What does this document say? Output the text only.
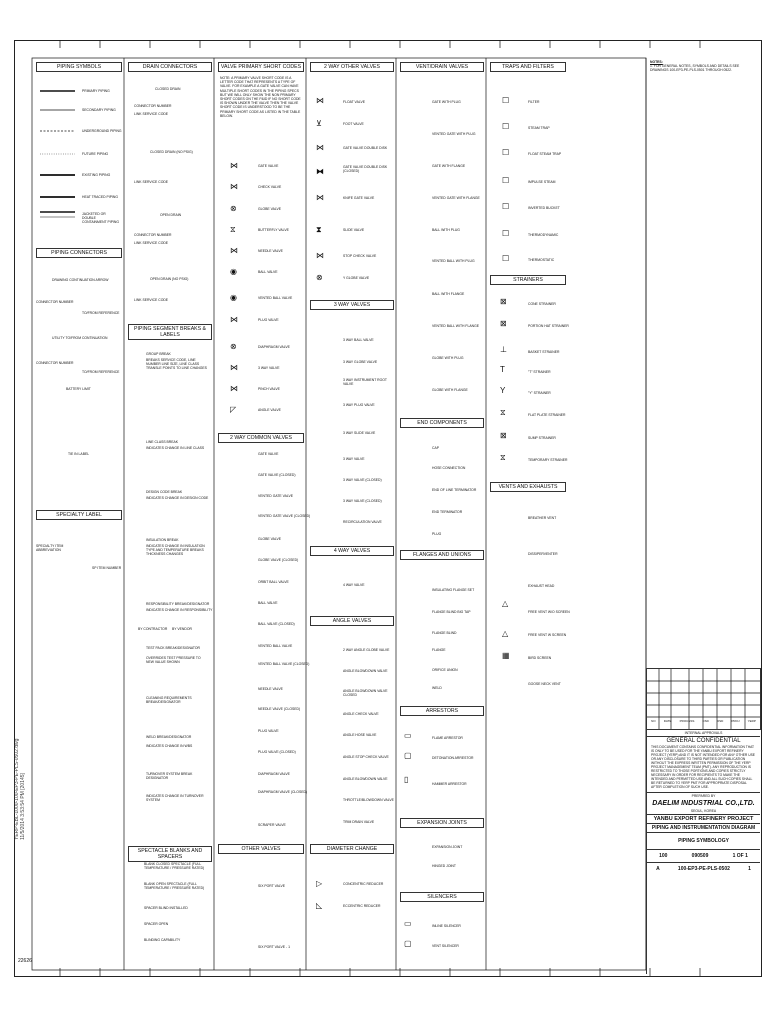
PIPING SYMBOLS
PRIMARY PIPING
SECONDARY PIPING
UNDERGROUND PIPING
FUTURE PIPING
EXISTING PIPING
HEAT TRACED PIPING
JACKETED OR DOUBLE CONTAINMENT PIPING
PIPING CONNECTORS
DRAWING CONTINUATION ARROW
CONNECTOR NUMBER
TO/FROM REFERENCE
UTILITY TO/FROM CONTINUATION
CONNECTOR NUMBER
TO/FROM REFERENCE
BATTERY LIMIT
TIE IN LABEL
SPECIALTY LABEL
SPECIALTY ITEM ABBREVIATION
SP ITEM NUMBER
DRAIN CONNECTORS
CLOSED DRAIN
CONNECTOR NUMBER
LINK SERVICE CODE
CLOSED DRAIN (NO PSIG)
LINK SERVICE CODE
OPEN DRAIN
CONNECTOR NUMBER
LINK SERVICE CODE
OPEN DRAIN (NO PSIG)
LINK SERVICE CODE
PIPING SEGMENT BREAKS & LABELS
GROUP BREAK
BREAKS SERVICE CODE, LINE NUMBER LINE SIZE, LINE CLASS TRANSLE POINTS TO LINE CHANGES
LINE CLASS BREAK
INDICATES CHANGE IN LINE CLASS
DESIGN CODE BREAK
INDICATES CHANGE IN DESIGN CODE
INSULATION BREAK
INDICATES CHANGE IN INSULATION TYPE AND TEMPERATURE BREAKS THICKNESS CHANGES
RESPONSIBILITY BREAK/DESIGNATOR
INDICATES CHANGE IN RESPONSIBILITY
BY CONTRACTOR BY VENDOR
TEST PACK BREAK/DESIGNATOR
OVERRIDES TEST PRESSURE TO NEW VALUE SHOWN
CLEANING REQUIREMENTS BREAK/DESIGNATOR
WELD BREAK/DESIGNATOR
INDICATES CHANGE IN WBS
TURNOVER SYSTEM BREAK DESIGNATOR
INDICATES CHANGE IN TURNOVER SYSTEM
SPECTACLE BLANKS AND SPACERS
BLANK CLOSED SPECTACLE (FULL TEMPERATURE / PRESSURE RATED)
BLANK OPEN SPECTACLE (FULL TEMPERATURE / PRESSURE RATED)
SPACER BLIND INSTALLED
SPACER OPEN
BLINDING CAPABILITY
VALVE PRIMARY SHORT CODES
NOTE: A PRIMARY VALVE SHORT CODE IS A LETTER CODE THAT REPRESENTS A TYPE OF VALVE. FOR EXAMPLE A GATE VALVE CAN HAVE MULTIPLE SHORT CODES IN THE PIPING SPECS BUT WE WILL ONLY SHOW THE NON PRIMARY SHORT CODES ON THE P&ID IF NO SHORT CODE IS SHOWN UNDER THE VALVE THEN THE VALVE SHORT CODE IS UNDERSTOOD TO BE THE PRIMARY SHORT CODE AS LISTED IN THE TABLE BELOW.
GATE VALVE
CHECK VALVE
GLOBE VALVE
BUTTERFLY VALVE
NEEDLE VALVE
BALL VALVE
VENTED BALL VALVE
PLUG VALVE
DIAPHRAGM VALVE
3 WAY VALVE
PINCH VALVE
ANGLE VALVE
2 WAY COMMON VALVES
GATE VALVE
GATE VALVE (CLOSED)
VENTED GATE VALVE
VENTED GATE VALVE (CLOSED)
GLOBE VALVE
GLOBE VALVE (CLOSED)
ORBIT BALL VALVE
BALL VALVE
BALL VALVE (CLOSED)
VENTED BALL VALVE
VENTED BALL VALVE (CLOSED)
NEEDLE VALVE
NEEDLE VALVE (CLOSED)
PLUG VALVE
PLUG VALVE (CLOSED)
DIAPHRAGM VALVE
DIAPHRAGM VALVE (CLOSED)
SCRAPER VALVE
OTHER VALVES
SIX PORT VALVE
SIX PORT VALVE - 1
2 WAY OTHER VALVES
FLOAT VALVE
FOOT VALVE
GATE VALVE DOUBLE DISK
GATE VALVE DOUBLE DISK (CLOSED)
KNIFE GATE VALVE
SLIDE VALVE
STOP CHECK VALVE
Y GLOBE VALVE
3 WAY VALVES
3 WAY BALL VALVE
3 WAY GLOBE VALVE
3 WAY INSTRUMENT ROOT VALVE
3 WAY PLUG VALVE
3 WAY SLIDE VALVE
3 WAY VALVE
3 WAY VALVE (CLOSED)
3 WAY VALVE (CLOSED)
RECIRCULATION VALVE
4 WAY VALVES
4 WAY VALVE
ANGLE VALVES
2 WAY ANGLE GLOBE VALVE
ANGLE BLOWDOWN VALVE
ANGLE BLOWDOWN VALVE CLOSED
ANGLE CHECK VALVE
ANGLE HOSE VALVE
ANGLE STOP CHECK VALVE
ANGLE BLOWDOWN VALVE
THROTTLE/BLOWDOWN VALVE
TRIM DRAIN VALVE
DIAMETER CHANGE
CONCENTRIC REDUCER
ECCENTRIC REDUCER
VENT/DRAIN VALVES
GATE WITH PLUG
VENTED GATE WITH PLUG
GATE WITH FLANGE
VENTED GATE WITH FLANGE
BALL WITH PLUG
VENTED BALL WITH PLUG
BALL WITH FLANGE
VENTED BALL WITH FLANGE
GLOBE WITH PLUG
GLOBE WITH FLANGE
END COMPONENTS
CAP
HOSE CONNECTION
END OF LINE TERMINATOR
END TERMINATOR
PLUG
FLANGES AND UNIONS
INSULATING FLANGE SET
FLANGE BLIND BIG TAP
FLANGE BLIND
FLANGE
ORIFICE UNION
WELD
ARRESTORS
FLAME ARRESTOR
DETONATION ARRESTOR
HAMMER ARRESTOR
EXPANSION JOINTS
EXPANSION JOINT
HINGED JOINT
SILENCERS
INLINE SILENCER
VENT SILENCER
TRAPS AND FILTERS
FILTER
STEAM TRAP
FLOAT STEAM TRAP
IMPULSE STEAM
INVERTED BUCKET
THERMODYNAMIC
THERMOSTATIC
STRAINERS
CONE STRAINER
PORTION HAT STRAINER
BASKET STRAINER
"T" STRAINER
"Y" STRAINER
FLAT PLATE STRAINER
SUMP STRAINER
TEMPORARY STRAINER
VENTS AND EXHAUSTS
BREATHER VENT
DISSIPERVENTER
EXHAUST HEAD
FREE VENT W/O SCREEN
FREE VENT W SCREEN
BIRD SCREEN
GOOSE NECK VENT
⋈
⊻
⋈
⧓
⋈
⧗
⋈
⊗
⋈
⋈
⊗
⧖
⋈
◉
◉
⋈
⊗
⋈
⋈
◸
☐
☐
☐
☐
☐
☐
☐
⊠
⊠
⊥
T
Y
⧖
⊠
⧖
△
△
▦
▭
▢
▯
▭
▢
▷
◺
NOTES:
1. FOR GENERAL NOTES, SYMBOLS AND DETAILS SEE DRAWINGS 100-EP3-PE-PLS-0501 THROUGH 0522.
NO	DATE	PROCESS	CSD	DSD	PROJ	YERP
INTERNAL APPROVALS
GENERAL CONFIDENTIAL
THIS DOCUMENT CONTAINS CONFIDENTIAL INFORMATION THAT IS ONLY TO BE USED FOR THE YANBU EXPORT REFINERY PROJECT (YERP) AND IT IS NOT INTENDED FOR ANY OTHER USE OR ANY DISCLOSURE TO THIRD PARTIES OR PUBLICATION WITHOUT THE EXPRESS WRITTEN PERMISSION OF THE YERP PROJECT MANAGEMENT TEAM (PMT). ANY REPRODUCTION IS RESTRICTED TO THOSE PORTIONS AND COPIES STRICTLY NECESSARY IN ORDER FOR RECIPIENTS TO MAKE THE INTENDED AND PERMITTED USE AND ALL SUCH COPIES SHALL BE RETURNED TO YERP PMT FOR APPROPRIATE DISPOSAL AFTER COMPLETION OF SUCH USE.
PREPARED BY
DAELIM INDUSTRIAL CO.,LTD.
SEOUL, KOREA
YANBU EXPORT REFINERY PROJECT
PIPING AND INSTRUMENTATION DIAGRAM
PIPING SYMBOLOGY
100	090509	1 OF 1
A	100-EP3-PE-PLS-0502	1
YERP-EBL-1000-100-EP3-PE-PLS-0502.dwg 11/5/2014 3:53:54 PM [20145]
22626
